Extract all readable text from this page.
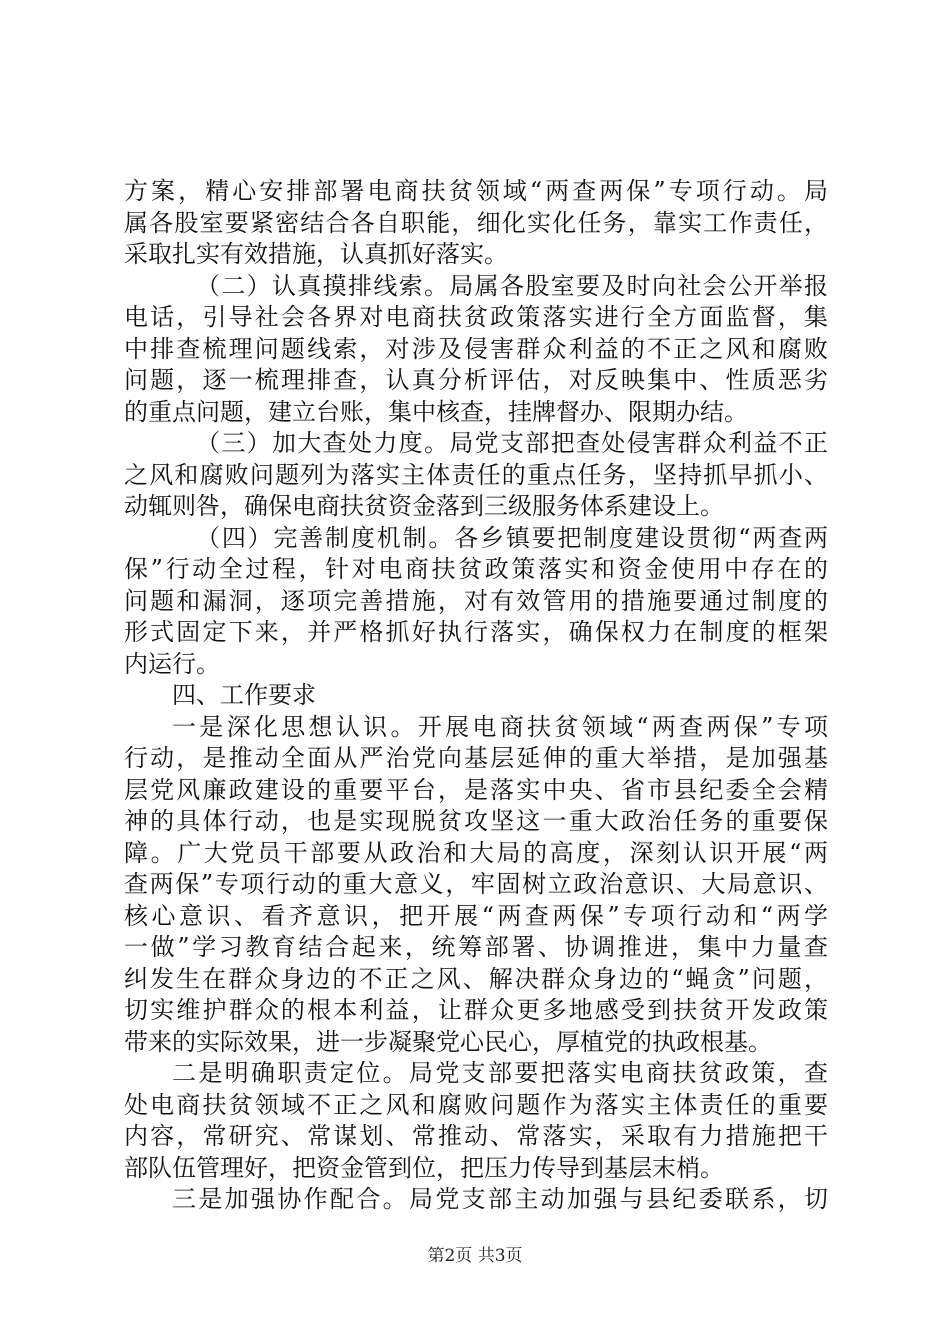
方案，精心安排部署电商扶贫领域“两查两保”专项行动。局
属各股室要紧密结合各自职能，细化实化任务，靠实工作责任，
采取扎实有效措施，认真抓好落实。
（二）认真摸排线索。局属各股室要及时向社会公开举报
电话，引导社会各界对电商扶贫政策落实进行全方面监督，集
中排查梳理问题线索，对涉及侵害群众利益的不正之风和腐败
问题，逐一梳理排查，认真分析评估，对反映集中、性质恶劣
的重点问题，建立台账，集中核查，挂牌督办、限期办结。
（三）加大查处力度。局党支部把查处侵害群众利益不正
之风和腐败问题列为落实主体责任的重点任务，坚持抓早抓小、
动辄则咎，确保电商扶贫资金落到三级服务体系建设上。
（四）完善制度机制。各乡镇要把制度建设贯彻“两查两
保”行动全过程，针对电商扶贫政策落实和资金使用中存在的
问题和漏洞，逐项完善措施，对有效管用的措施要通过制度的
形式固定下来，并严格抓好执行落实，确保权力在制度的框架
内运行。
四、工作要求
一是深化思想认识。开展电商扶贫领域“两查两保”专项
行动，是推动全面从严治党向基层延伸的重大举措，是加强基
层党风廉政建设的重要平台，是落实中央、省市县纪委全会精
神的具体行动，也是实现脱贫攻坚这一重大政治任务的重要保
障。广大党员干部要从政治和大局的高度，深刻认识开展“两
查两保”专项行动的重大意义，牢固树立政治意识、大局意识、
核心意识、看齐意识，把开展“两查两保”专项行动和“两学
一做”学习教育结合起来，统筹部署、协调推进，集中力量查
纠发生在群众身边的不正之风、解决群众身边的“蝇贪”问题，
切实维护群众的根本利益，让群众更多地感受到扶贫开发政策
带来的实际效果，进一步凝聚党心民心，厚植党的执政根基。
二是明确职责定位。局党支部要把落实电商扶贫政策，查
处电商扶贫领域不正之风和腐败问题作为落实主体责任的重要
内容，常研究、常谋划、常推动、常落实，采取有力措施把干
部队伍管理好，把资金管到位，把压力传导到基层末梢。
三是加强协作配合。局党支部主动加强与县纪委联系，切
第2页 共3页
